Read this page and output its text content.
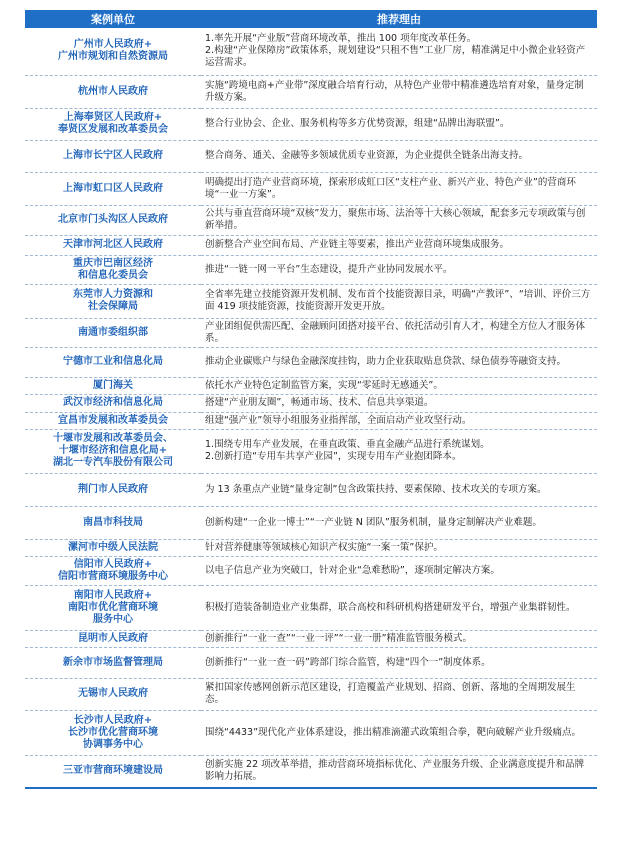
案例单位	推荐理由

广州市人民政府+
广州市规划和自然资源局	1.率先开展“产业版”营商环境改革，推出 100 项年度改革任务。
2.构建“产业保障房”政策体系，规划建设“只租不售”工业厂房，精准满足中小微企业轻资产运营需求。

杭州市人民政府	实施“跨境电商+产业带”深度融合培育行动，从特色产业带中精准遴选培育对象，量身定制升级方案。

上海奉贤区人民政府+
奉贤区发展和改革委员会	整合行业协会、企业、服务机构等多方优势资源，组建“品牌出海联盟”。

上海市长宁区人民政府	整合商务、通关、金融等多领域优质专业资源，为企业提供全链条出海支持。

上海市虹口区人民政府	明确提出打造产业营商环境，探索形成虹口区“支柱产业、新兴产业、特色产业”的营商环境“一业一方案”。

北京市门头沟区人民政府	公共与垂直营商环境“双核”发力，聚焦市场、法治等十大核心领域，配套多元专项政策与创新举措。

天津市河北区人民政府	创新整合产业空间布局、产业链主等要素，推出产业营商环境集成服务。

重庆市巴南区经济
和信息化委员会	推进“一链一网一平台”生态建设，提升产业协同发展水平。

东莞市人力资源和
社会保障局	全省率先建立技能资源开发机制、发布首个技能资源目录，明确“产教评”、“培训、评价三方面 419 项技能资源，技能资源开发更开放。

南通市委组织部	产业团组促供需匹配、金融顾问团搭对接平台、依托活动引育人才，构建全方位人才服务体系。

宁德市工业和信息化局	推动企业碳账户与绿色金融深度挂钩，助力企业获取贴息贷款、绿色债券等融资支持。

厦门海关	依托水产业特色定制监管方案，实现“零延时无感通关”。

武汉市经济和信息化局	搭建“产业朋友圈”，畅通市场、技术、信息共享渠道。

宜昌市发展和改革委员会	组建“强产业”领导小组服务业指挥部，全面启动产业攻坚行动。

十堰市发展和改革委员会、
十堰市经济和信息化局+
湖北一专汽车股份有限公司	1.围绕专用车产业发展，在垂直政策、垂直金融产品进行系统谋划。
2.创新打造“专用车共享产业园”，实现专用车产业抱团降本。

荆门市人民政府	为 13 条重点产业链“量身定制”包含政策扶持、要素保障、技术攻关的专项方案。

南昌市科技局	创新构建“一企业一博士”“一产业链 N 团队”服务机制，量身定制解决产业难题。

漯河市中级人民法院	针对营养健康等领域核心知识产权实施“一案一策”保护。

信阳市人民政府+
信阳市营商环境服务中心	以电子信息产业为突破口，针对企业“急难愁盼”，逐项制定解决方案。

南阳市人民政府+
南阳市优化营商环境
服务中心	积极打造装备制造业产业集群，联合高校和科研机构搭建研发平台，增强产业集群韧性。

昆明市人民政府	创新推行“一业一查”“一业一评”“一业一册”精准监管服务模式。

新余市市场监督管理局	创新推行“一业一查一码”跨部门综合监管，构建“四个一”制度体系。

无锡市人民政府	紧扣国家传感网创新示范区建设，打造覆盖产业规划、招商、创新、落地的全周期发展生态。

长沙市人民政府+
长沙市优化营商环境
协调事务中心	围绕“4433”现代化产业体系建设，推出精准滴灌式政策组合拳，靶向破解产业升级痛点。

三亚市营商环境建设局	创新实施 22 项改革举措，推动营商环境指标优化、产业服务升级、企业满意度提升和品牌影响力拓展。
